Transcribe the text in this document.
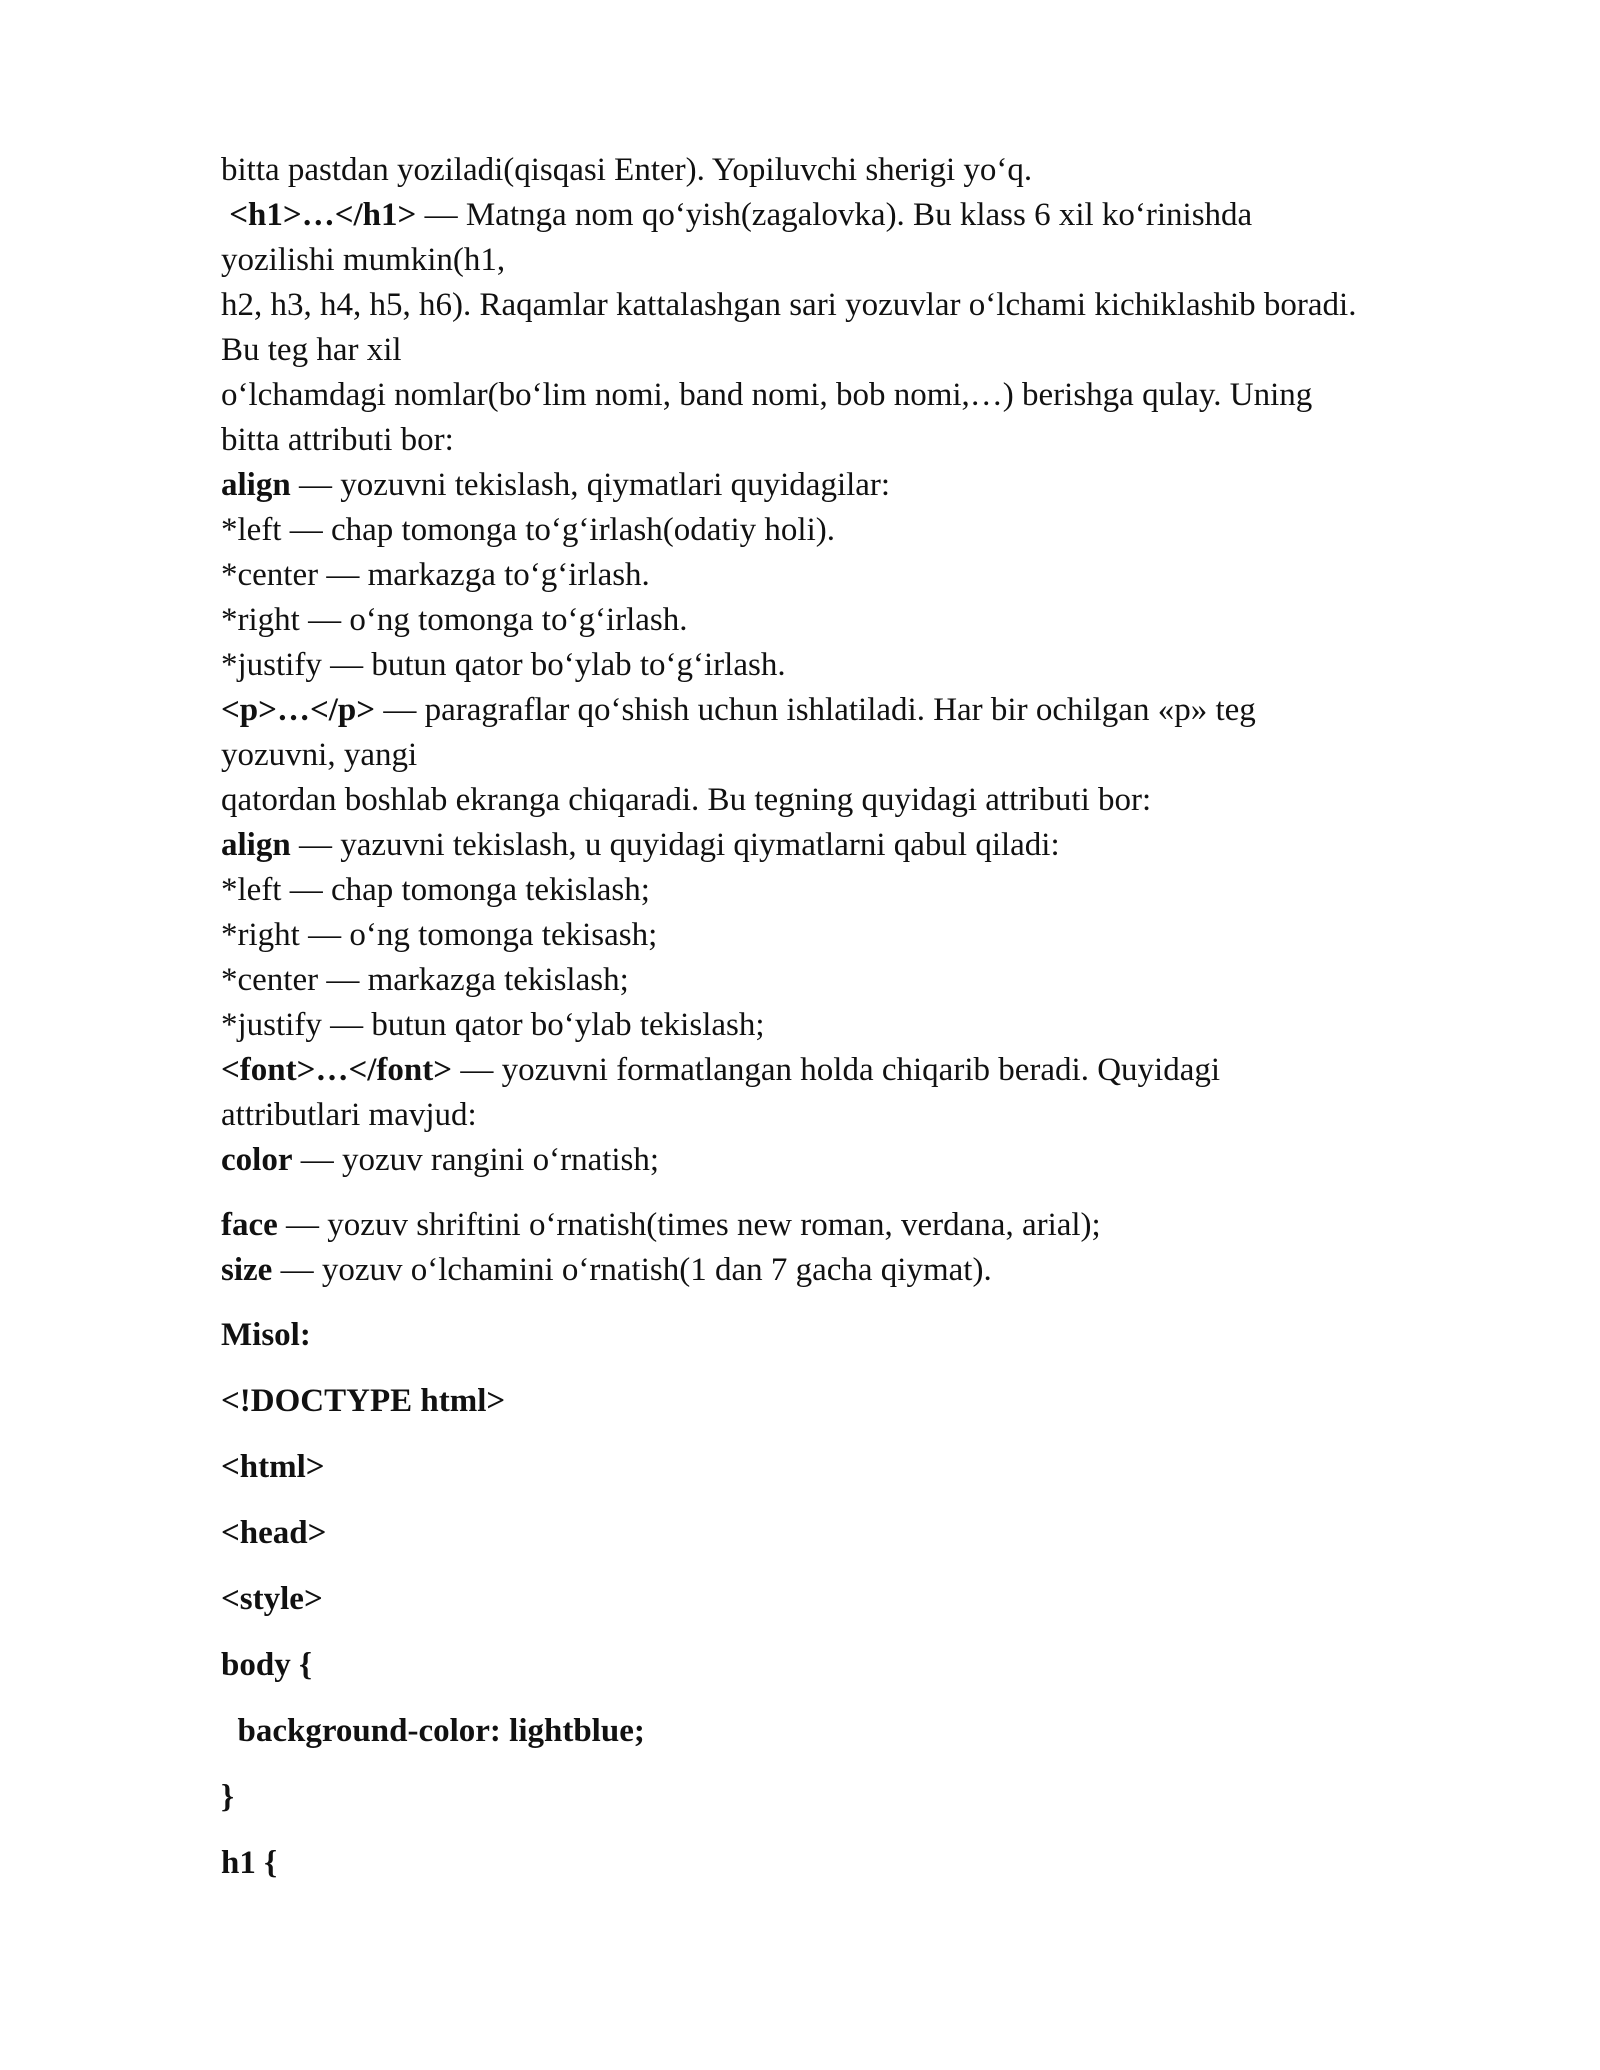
bitta pastdan yoziladi(qisqasi Enter). Yopiluvchi sherigi yo‘q.
<h1>…</h1> — Matnga nom qo‘yish(zagalovka). Bu klass 6 xil ko‘rinishda
yozilishi mumkin(h1,
h2, h3, h4, h5, h6). Raqamlar kattalashgan sari yozuvlar o‘lchami kichiklashib boradi.
Bu teg har xil
o‘lchamdagi nomlar(bo‘lim nomi, band nomi, bob nomi,…) berishga qulay. Uning
bitta attributi bor:
align — yozuvni tekislash, qiymatlari quyidagilar:
*left — chap tomonga to‘g‘irlash(odatiy holi).
*center — markazga to‘g‘irlash.
*right — o‘ng tomonga to‘g‘irlash.
*justify — butun qator bo‘ylab to‘g‘irlash.
<p>…</p> — paragraflar qo‘shish uchun ishlatiladi. Har bir ochilgan «p» teg
yozuvni, yangi
qatordan boshlab ekranga chiqaradi. Bu tegning quyidagi attributi bor:
align — yazuvni tekislash, u quyidagi qiymatlarni qabul qiladi:
*left — chap tomonga tekislash;
*right — o‘ng tomonga tekisash;
*center — markazga tekislash;
*justify — butun qator bo‘ylab tekislash;
<font>…</font> — yozuvni formatlangan holda chiqarib beradi. Quyidagi
attributlari mavjud:
color — yozuv rangini o‘rnatish;
face — yozuv shriftini o‘rnatish(times new roman, verdana, arial);
size — yozuv o‘lchamini o‘rnatish(1 dan 7 gacha qiymat).
Misol:
<!DOCTYPE html>
<html>
<head>
<style>
body {
background-color: lightblue;
}
h1 {
